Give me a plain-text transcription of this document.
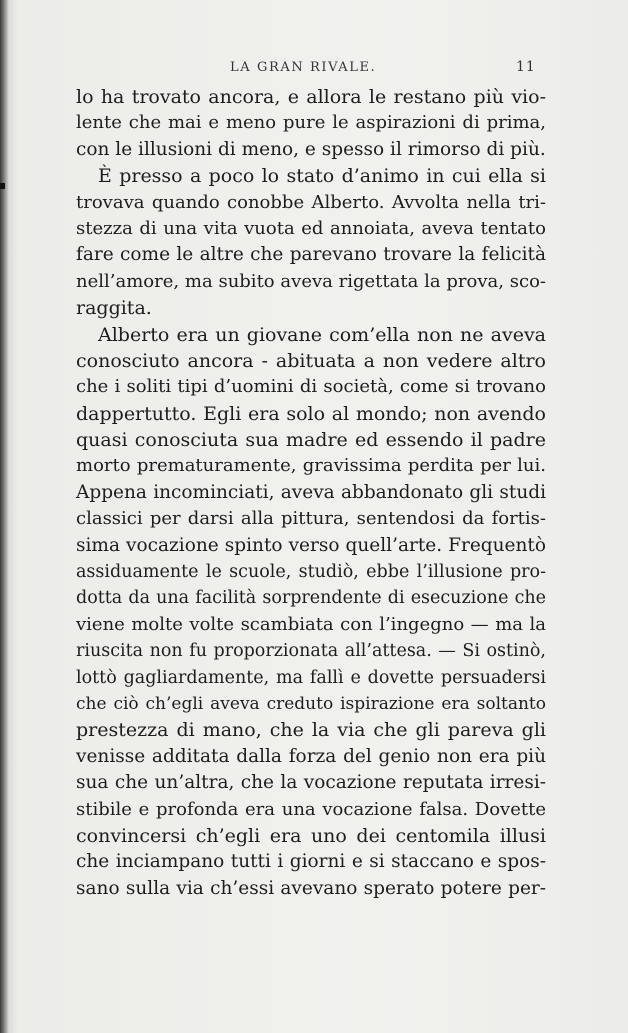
LA GRAN RIVALE.	11
lo ha trovato ancora, e allora le restano più vio-
lente che mai e meno pure le aspirazioni di prima,
con le illusioni di meno, e spesso il rimorso di più.
È presso a poco lo stato d’animo in cui ella si
trovava quando conobbe Alberto. Avvolta nella tri-
stezza di una vita vuota ed annoiata, aveva tentato
fare come le altre che parevano trovare la felicità
nell’amore, ma subito aveva rigettata la prova, sco-
raggita.
Alberto era un giovane com’ella non ne aveva
conosciuto ancora - abituata a non vedere altro
che i soliti tipi d’uomini di società, come si trovano
dappertutto. Egli era solo al mondo; non avendo
quasi conosciuta sua madre ed essendo il padre
morto prematuramente, gravissima perdita per lui.
Appena incominciati, aveva abbandonato gli studi
classici per darsi alla pittura, sentendosi da fortis-
sima vocazione spinto verso quell’arte. Frequentò
assiduamente le scuole, studiò, ebbe l’illusione pro-
dotta da una facilità sorprendente di esecuzione che
viene molte volte scambiata con l’ingegno — ma la
riuscita non fu proporzionata all’attesa. — Si ostinò,
lottò gagliardamente, ma fallì e dovette persuadersi
che ciò ch’egli aveva creduto ispirazione era soltanto
prestezza di mano, che la via che gli pareva gli
venisse additata dalla forza del genio non era più
sua che un’altra, che la vocazione reputata irresi-
stibile e profonda era una vocazione falsa. Dovette
convincersi ch’egli era uno dei centomila illusi
che inciampano tutti i giorni e si staccano e spos-
sano sulla via ch’essi avevano sperato potere per-
